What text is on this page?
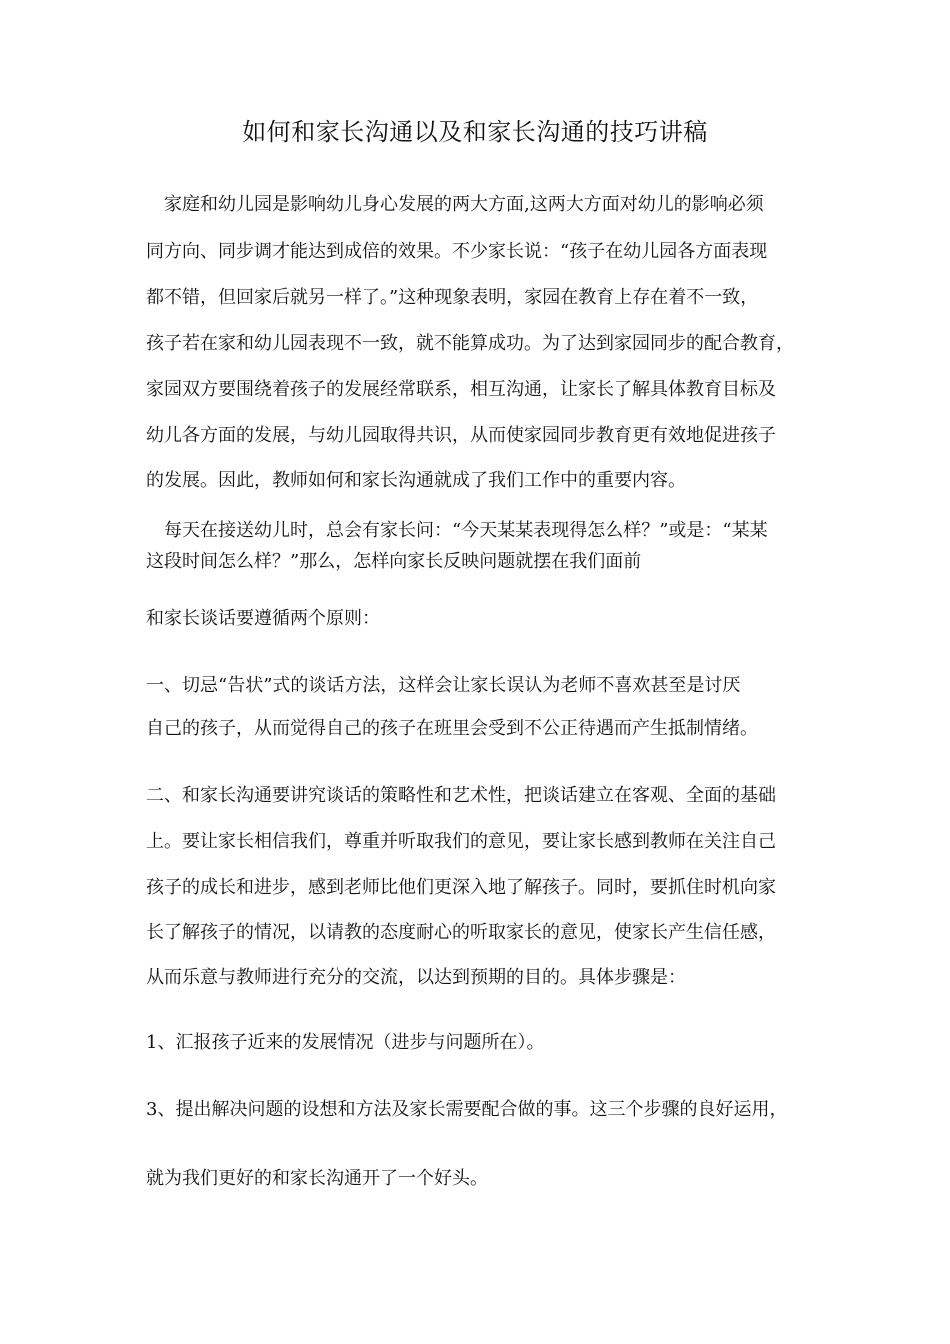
如何和家长沟通以及和家长沟通的技巧讲稿
家庭和幼儿园是影响幼儿身心发展的两大方面,这两大方面对幼儿的影响必须
同方向、同步调才能达到成倍的效果。不少家长说：“孩子在幼儿园各方面表现
都不错，但回家后就另一样了。”这种现象表明，家园在教育上存在着不一致，
孩子若在家和幼儿园表现不一致，就不能算成功。为了达到家园同步的配合教育，
家园双方要围绕着孩子的发展经常联系，相互沟通，让家长了解具体教育目标及
幼儿各方面的发展，与幼儿园取得共识，从而使家园同步教育更有效地促进孩子
的发展。因此，教师如何和家长沟通就成了我们工作中的重要内容。
每天在接送幼儿时，总会有家长问：“今天某某表现得怎么样？”或是：“某某
这段时间怎么样？”那么，怎样向家长反映问题就摆在我们面前
和家长谈话要遵循两个原则：
一、切忌“告状”式的谈话方法，这样会让家长误认为老师不喜欢甚至是讨厌
自己的孩子，从而觉得自己的孩子在班里会受到不公正待遇而产生抵制情绪。
二、和家长沟通要讲究谈话的策略性和艺术性，把谈话建立在客观、全面的基础
上。要让家长相信我们，尊重并听取我们的意见，要让家长感到教师在关注自己
孩子的成长和进步，感到老师比他们更深入地了解孩子。同时，要抓住时机向家
长了解孩子的情况，以请教的态度耐心的听取家长的意见，使家长产生信任感，
从而乐意与教师进行充分的交流，以达到预期的目的。具体步骤是：
1、汇报孩子近来的发展情况（进步与问题所在）。
3、提出解决问题的设想和方法及家长需要配合做的事。这三个步骤的良好运用，
就为我们更好的和家长沟通开了一个好头。
